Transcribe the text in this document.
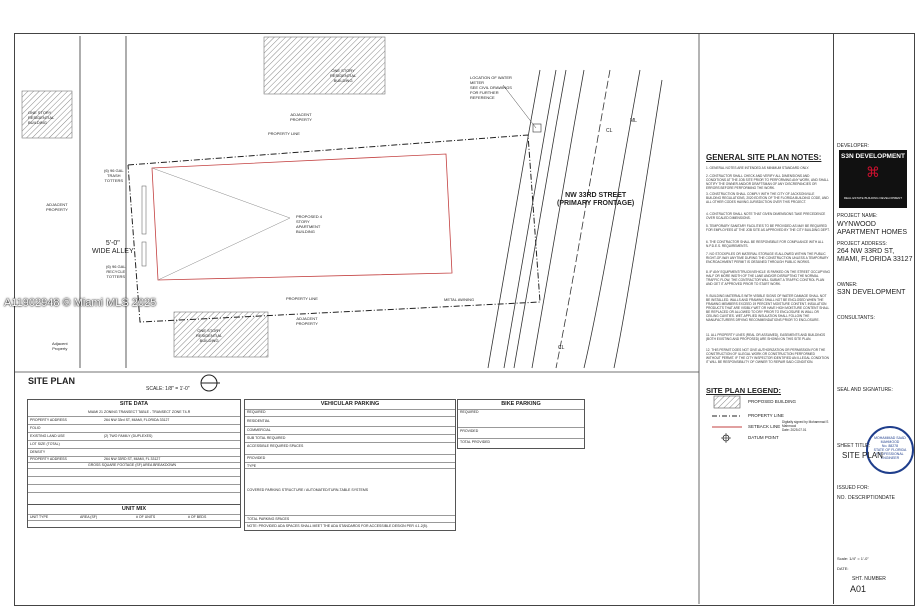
ONE STORY
RESIDENTIAL
BUILDING
ADJACENT
PROPERTY
ONE STORY
RESIDENTIAL
BUILDING
ADJACENT
PROPERTY
Adjacent
Property
ADJACENT
PROPERTY
ONE STORY
RESIDENTIAL
BUILDING
PROPERTY LINE
PROPERTY LINE
5'-0"
WIDE ALLEY
NW 33RD STREET
(PRIMARY FRONTAGE)
PROPOSED 4
STORY
APARTMENT
BUILDING
LOCATION OF WATER
METER
SEE CIVIL DRAWINGS
FOR FURTHER
REFERENCE
(6) 96 GAL
TRASH
TOTTERS
(6) 96 GAL
RECYCLE
TOTTERS
METAL AWNING
CL
ML
CL
SITE PLAN
SCALE: 1/8" = 1'-0"
A11902948 © Miami MLS 2025
SITE DATA
MIAMI 21 ZONING TRANSECT TABLE - TRANSECT ZONE T4-R
PROPERTY ADDRESS	264 NW 33rd ST, MIAMI, FLORIDA 33127
FOLIO
EXISTING LAND USE	(2) TWO FAMILY (DUPLEXES)
LOT SIZE (TOTAL)
DENSITY
PROPERTY ADDRESS	264 NW 33RD ST, MIAMI, FL 33127
GROSS SQUARE FOOTAGE (SF) AREA BREAKDOWN
UNIT MIX
UNIT TYPE	AREA (SF)	# OF UNITS	# OF BEDS
VEHICULAR PARKING
REQUIRED
RESIDENTIAL
COMMERCIAL
SUB TOTAL REQUIRED
ACCESSIBLE REQUIRED SPACES
PROVIDED
TYPE
COVERED PARKING STRUCTURE / AUTOMATED/TURN-TABLE SYSTEMS
TOTAL PARKING SPACES
NOTE: PROVIDED ADA SPACES SHALL MEET THE ADA STANDARDS FOR ACCESSIBLE DESIGN PER 4.1.2(5).
BIKE PARKING
REQUIRED
PROVIDED
TOTAL PROVIDED
GENERAL SITE PLAN NOTES:
1. GENERAL NOTES ARE INTENDED AS MINIMUM STANDARD ONLY.
2. CONTRACTOR SHALL CHECK AND VERIFY ALL DIMENSIONS AND CONDITIONS AT THE JOB SITE PRIOR TO PERFORMING ANY WORK, AND SHALL NOTIFY THE OWNER AND/OR DRAFTSMAN OF ANY DISCREPANCIES OR ERRORS BEFORE PERFORMING THE WORK.
3. CONSTRUCTION SHALL COMPLY WITH THE CITY OF JACKSONVILLE BUILDING REGULATIONS, 2020 EDITION OF THE FLORIDA BUILDING CODE, AND ALL OTHER CODES HAVING JURISDICTION OVER THIS PROJECT.
4. CONTRACTOR SHALL NOTE THAT GIVEN DIMENSIONS TAKE PRECEDENCE OVER SCALED DIMENSIONS.
5. TEMPORARY SANITARY FACILITIES TO BE PROVIDED AS MAY BE REQUIRED FOR EMPLOYEES AT THE JOB SITE AS APPROVED BY THE CITY BUILDING DEPT.
6. THE CONTRACTOR SHALL BE RESPONSIBLE FOR COMPLIANCE WITH ALL N.P.D.E.S. REQUIREMENTS.
7. NO STOCKPILES OR MATERIAL STORAGE IS ALLOWED WITHIN THE PUBLIC RIGHT-OF-WAY ANYTIME DURING THE CONSTRUCTION UNLESS A TEMPORARY ENCROACHMENT PERMIT IS OBTAINED THROUGH PUBLIC WORKS.
8. IF ANY EQUIPMENT/TRUCK/VEHICLE IS PARKED ON THE STREET OCCUPYING HALF OR MORE WIDTH OF THE LANE AND/OR DISRUPTING THE NORMAL TRAFFIC FLOW, THE CONTRACTOR WILL SUBMIT A TRAFFIC CONTROL PLAN AND GET IT APPROVED PRIOR TO START WORK.
9. BUILDING MATERIALS WITH VISIBLE SIGNS OF WATER DAMAGE SHALL NOT BE INSTALLED. WALLS AND FRAMING SHALL NOT BE ENCLOSED WHEN THE FRAMING MEMBERS EXCEED 19 PERCENT MOISTURE CONTENT. INSULATION PRODUCTS THAT ARE VISIBLY WET OR HAVE HIGH MOISTURE CONTENT SHALL BE REPLACED OR ALLOWED TO DRY PRIOR TO ENCLOSURE IN WALL OR CEILING CAVITIES. WET-APPLIED INSULATION SHALL FOLLOW THE MANUFACTURERS DRYING RECOMMENDATIONS PRIOR TO ENCLOSURE.
11. ALL PROPERTY LINES (REAL OR ASSUMED), EASEMENTS AND BUILDINGS (BOTH EXISTING AND PROPOSED) ARE SHOWN ON THIS SITE PLAN.
12. THIS PERMIT DOES NOT GIVE AUTHORIZATION OR PERMISSION FOR THE CONSTRUCTION OF ILLEGAL WORK OR CONSTRUCTION PERFORMED WITHOUT PERMIT. IF THE CITY INSPECTOR IDENTIFIED AN ILLEGAL CONDITION IT WILL BE RESPONSIBILITY OF OWNER TO REPAIR SAID CONDITION.
SITE PLAN LEGEND:
PROPOSED BUILDING
PROPERTY LINE
SETBACK LINE
DATUM POINT
Digitally signed by Mohammad S Mahmood
Date: 2025.07.01
DEVELOPER:
S3N DEVELOPMENT
⌘
REAL ESTATE BUILDING DEVELOPMENT
PROJECT NAME:
WYNWOOD APARTMENT HOMES
PROJECT ADDRESS:
264 NW 33RD ST, MIAMI, FLORIDA 33127
OWNER:
S3N DEVELOPMENT
CONSULTANTS:
SEAL AND SIGNATURE:
MOHAMMAD SAAD MAHMOOD
No. 88278
STATE OF FLORIDA
PROFESSIONAL ENGINEER
SHEET TITLE:
SITE PLAN
ISSUED FOR:
NO. DESCRIPTION DATE
Scale: 1/4" = 1'-0"
DATE:
SHT. NUMBER
A01
